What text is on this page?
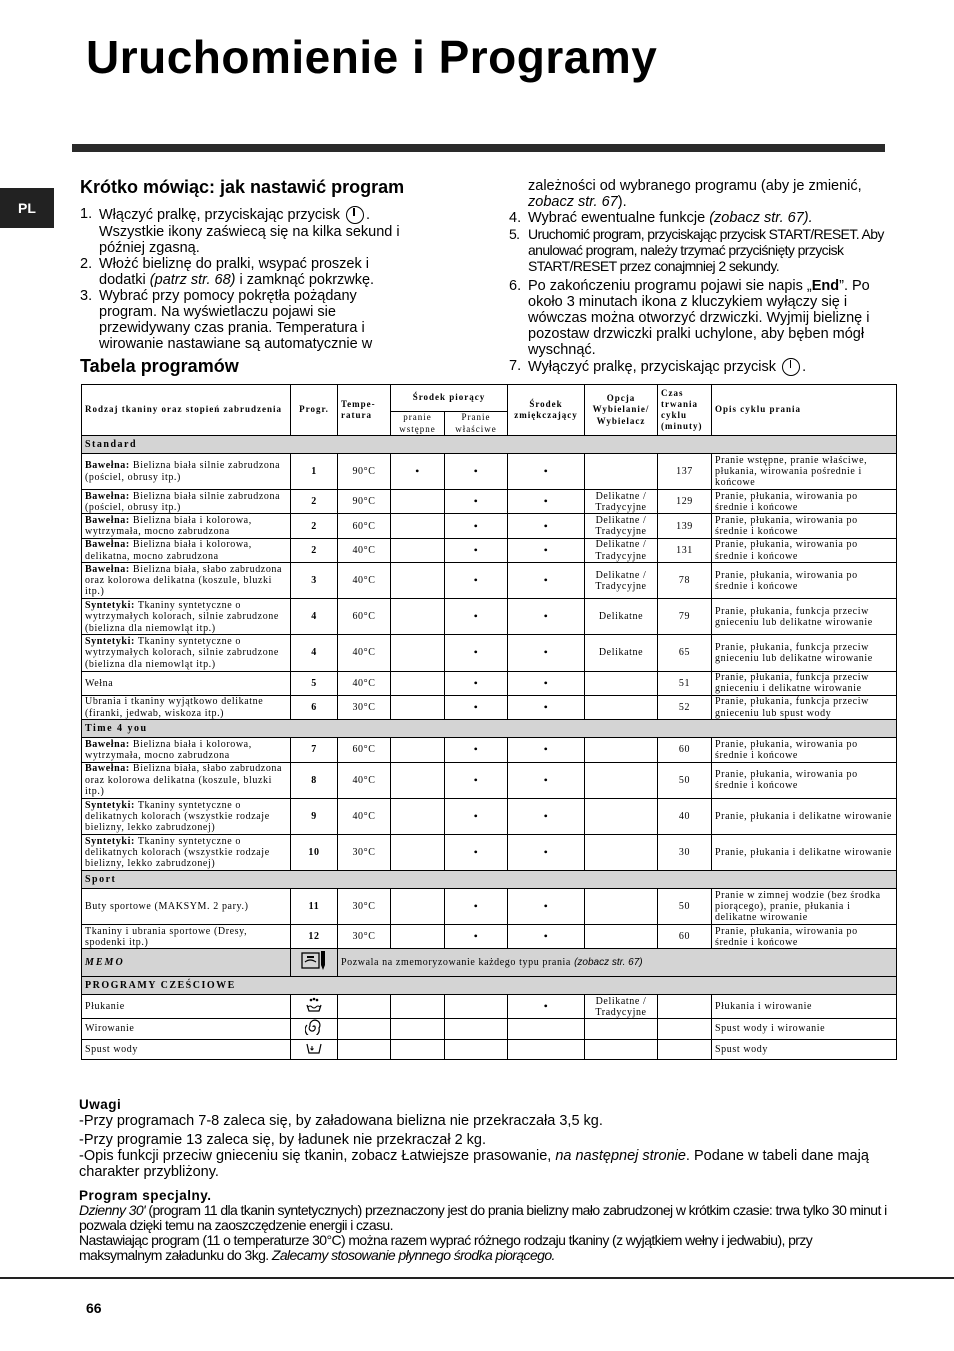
Uruchomienie i Programy
PL
Krótko mówiąc: jak nastawić program
1. Włączyć pralkę, przyciskając przycisk . Wszystkie ikony zaświecą się na kilka sekund i później zgasną.
2. Włożć bieliznę do pralki, wsypać proszek i dodatki (patrz str. 68) i zamknąć pokrzwkę.
3. Wybrać przy pomocy pokrętła pożądany program. Na wyświetlaczu pojawi sie przewidywany czas prania. Temperatura i wirowanie nastawiane są automatycznie w
Tabela programów
zależności od wybranego programu (aby je zmienić, zobacz str. 67).
4. Wybrać ewentualne funkcje (zobacz str. 67).
5. Uruchomić program, przyciskając przycisk START/RESET. Aby anulować program, należy trzymać przyciśnięty przycisk START/RESET przez conajmniej 2 sekundy.
6. Po zakończeniu programu pojawi sie napis „End”. Po około 3 minutach ikona z kluczykiem wyłączy się i wówczas można otworzyć drzwiczki. Wyjmij bieliznę i pozostaw drzwiczki pralki uchylone, aby bęben mógł wyschnąć.
7. Wyłączyć pralkę, przyciskając przycisk .
Rodzaj tkaniny oraz stopień zabrudzenia	Progr.	Tempe- ratura	Środek piorący		Środek zmiękczający	Opcja Wybielanie/ Wybielacz	Czas trwania cyklu (minuty)	Opis cyklu prania
			pranie wstępne	Pranie właściwe				
Standard								
Bawełna: Bielizna biała silnie zabrudzona (pościel, obrusy itp.)	1	90°C	•	•	•		137	Pranie wstępne, pranie właściwe, płukania, wirowania pośrednie i końcowe
Bawełna: Bielizna biała silnie zabrudzona (pościel, obrusy itp.)	2	90°C		•	•	Delikatne / Tradycyjne	129	Pranie, płukania, wirowania po średnie i końcowe
Bawełna: Bielizna biała i kolorowa, wytrzymała, mocno zabrudzona	2	60°C		•	•	Delikatne / Tradycyjne	139	Pranie, płukania, wirowania po średnie i końcowe
Bawełna: Bielizna biała i kolorowa, delikatna, mocno zabrudzona	2	40°C		•	•	Delikatne / Tradycyjne	131	Pranie, płukania, wirowania po średnie i końcowe
Bawełna: Bielizna biała, słabo zabrudzona oraz kolorowa delikatna (koszule, bluzki itp.)	3	40°C		•	•	Delikatne / Tradycyjne	78	Pranie, płukania, wirowania po średnie i końcowe
Syntetyki: Tkaniny syntetyczne o wytrzymałych kolorach, silnie zabrudzone (bielizna dla niemowląt itp.)	4	60°C		•	•	Delikatne	79	Pranie, płukania, funkcja przeciw gnieceniu lub delikatne wirowanie
Syntetyki: Tkaniny syntetyczne o wytrzymałych kolorach, silnie zabrudzone (bielizna dla niemowląt itp.)	4	40°C		•	•	Delikatne	65	Pranie, płukania, funkcja przeciw gnieceniu lub delikatne wirowanie
Wełna	5	40°C		•	•		51	Pranie, płukania, funkcja przeciw gnieceniu i delikatne wirowanie
Ubrania i tkaniny wyjątkowo delikatne (firanki, jedwab, wiskoza itp.)	6	30°C		•	•		52	Pranie, płukania, funkcja przeciw gnieceniu lub spust wody
Time 4 you								
Bawełna: Bielizna biała i kolorowa, wytrzymała, mocno zabrudzona	7	60°C		•	•		60	Pranie, płukania, wirowania po średnie i końcowe
Bawełna: Bielizna biała, słabo zabrudzona oraz kolorowa delikatna (koszule, bluzki itp.)	8	40°C		•	•		50	Pranie, płukania, wirowania po średnie i końcowe
Syntetyki: Tkaniny syntetyczne o delikatnych kolorach (wszystkie rodzaje bielizny, lekko zabrudzonej)	9	40°C		•	•		40	Pranie, płukania i delikatne wirowanie
Syntetyki: Tkaniny syntetyczne o delikatnych kolorach (wszystkie rodzaje bielizny, lekko zabrudzonej)	10	30°C		•	•		30	Pranie, płukania i delikatne wirowanie
Sport								
Buty sportowe (MAKSYM. 2 pary.)	11	30°C		•	•		50	Pranie w zimnej wodzie (bez środka piorącego), pranie, płukania i delikatne wirowanie
Tkaniny i ubrania sportowe (Dresy, spodenki itp.)	12	30°C		•	•		60	Pranie, płukania, wirowania po średnie i końcowe
MEMO		Pozwala na zmemoryzowanie każdego typu prania (zobacz str. 67)						
PROGRAMY CZEŚCIOWE								
Płukanie					•	Delikatne / Tradycyjne		Płukania i wirowanie
Wirowanie								Spust wody i wirowanie
Spust wody								Spust wody
Uwagi
-Przy programach 7-8 zaleca się, by załadowana bielizna nie przekraczała 3,5 kg.
-Przy programie 13 zaleca się, by ładunek nie przekraczał 2 kg.
-Opis funkcji przeciw gnieceniu się tkanin, zobacz Łatwiejsze prasowanie, na następnej stronie. Podane w tabeli dane mają charakter przybliżony.
Program specjalny.
Dzienny 30' (program 11 dla tkanin syntetycznych) przeznaczony jest do prania bielizny mało zabrudzonej w krótkim czasie: trwa tylko 30 minut i pozwala dzięki temu na zaoszczędzenie energii i czasu.
Nastawiając program (11 o temperaturze 30°C) można razem wyprać różnego rodzaju tkaniny (z wyjątkiem wełny i jedwabiu), przy maksymalnym załadunku do 3kg. Zalecamy stosowanie płynnego środka piorącego.
66
